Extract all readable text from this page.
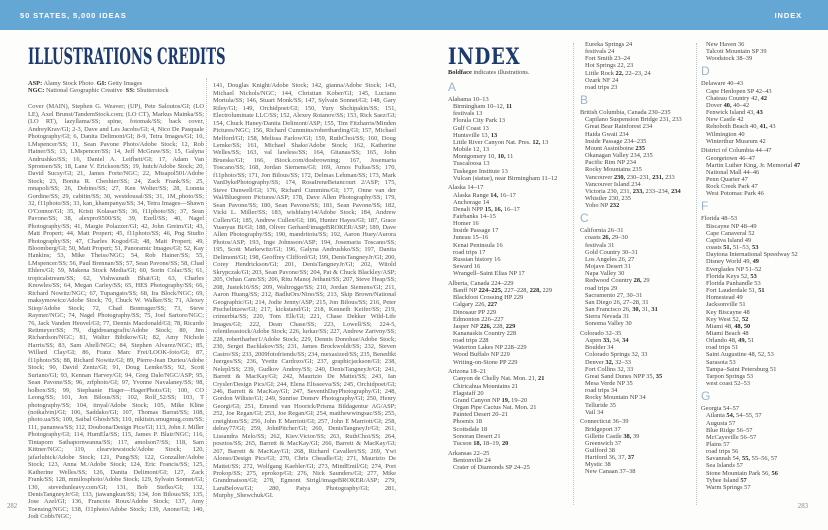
50 STATES, 5,000 IDEAS	INDEX
ILLUSTRATIONS CREDITS
ASP: Alamy Stock Photo  GI: Getty Images
NGC: National Geographic Creative  SS: Shutterstock

Cover (MAIN), Stephen G. Weaver; (UP), Pete Saloutos/GI; (LO LE), Axel Brunst/TandemStock.com; (LO CT), Markus Mainka/SS; (LO RT), lazyllama/SS; spine, fotomak/SS; back cover, AndreyKrav/GI; 2-3, Dave and Les Jacobs/GI; 4, Nico De Pasquale Photography/GI; 6, Danita Delimont/GI; 8-9, Tetra Images/GI; 10, LMspencer/SS; 11, Sean Pavone Photo/Adobe Stock; 12, Rob Hainer/SS; 13, LMspencer/SS; 14, Jeff McGraw/SS; 15, Galyna Andrushko/SS; 16, Daniel A. Leifheit/GI; 17, Adam Van Spronsen/SS; 18, Lane V. Erickson/SS; 19, hutch/Adobe Stock; 20, David Sucsy/GI; 21, James Forte/NGC; 22, Mtsapol501/Adobe Stock; 23, Bonita R. Cheshier/SS; 24, Zack Frank/SS; 25, mnapoli/SS; 26, Dobino/SS; 27, Ken Wolter/SS; 28, Lonnia Gordine/SS; 29, cabitin/SS; 30, westdousal/SS; 31, 1M_photo/SS; 32, f11photo/SS; 33, kan_khampanya/SS; 34, Tetra Images—Shawn O'Connor/GI; 35, Kristi Kolasar/SS; 36, f11photo/SS; 37, Sean Pavone/SS; 38, alexpro9500/SS; 39, Ezell/SS; 40, Nagel Photography/SS; 41, Margie Polazzer/GI; 42, John Greim/GI; 43, Matt Propert; 44, Matt Propert; 45, f11photo/SS; 46, Png Studio Photography/SS; 47, Charles Kogod/GI; 48, Matt Propert; 49, Bloomberg/GI; 50, Matt Propert; 51, Panoramic Images/GI; 52, Kay Hankins; 53, Mike Theiss/NGC; 54, Rob Hainer/SS; 55, LMspencer/SS; 56, Paul Brennan/SS; 57, Sean Pavone/SS; 58, Chad Ehlers/GI; 59, Makena Stock Media/GI; 60, Sorin Colac/SS; 61, tropicalstream/SS; 62, Vishwanath Bhat/GI; 63, Charles Knowles/SS; 64, Megan Carley/SS; 65, HES Photography/SS; 66, Richard Nowitz/NGC; 67, Tupangato/SS; 68, Ira Block/NGC; 69, maksymowicz/Adobe Stock; 70, Chuck W. Walker/SS; 71, Alexey Stiop/Adobe Stock; 72, Chad Bontrager/SS; 73, Steve Raymer/NGC; 74, Nagel Photography/SS; 75, Joel Sartore/NGC; 76, Jack Vanden Heuvel/GI; 77, Dennis Macdonald/GI; 78, Ricardo Reitmeyer/SS; 79, digidreamgrafix/Adobe Stock; 80, Jim Richardson/NGC; 81, Walter Bibikow/GI; 82, Amy Nichole Harris/SS; 83, Sam Abell/NGC; 84, Stephen Alvarez/NGC; 85, Willard Clay/GI; 86, Franz Marc Frei/LOOK-foto/GI; 87, f11photo/SS; 88, Richard Nowitz/GI; 89, Pierre-Jean Durieu/Adobe Stock; 90, David Zentz/GI; 91, Doug Lemke/SS; 92, Scott Suriano/GI; 93, Kennan Harvey/GI; 94, Greg Dale/NGC/ASP; 95, Sean Pavone/SS; 96, zrfphoto/GI; 97, Yvonne Navalaney/SS; 98, holbox/SS; 99, Stephanie Hager—HagerPhoto/GI; 100, CO Leong/SS; 101, Jon Bilous/SS; 102, Rolf_52/SS; 103, T photography/SS; 104, tinyal/Adobe Stock; 105, Mike Kline (notkalvin)/GI; 106, Saddako/GI; 107, Thomas Barrat/SS; 108, photo.ua/SS; 109, Saibal Ghosh/SS; 110, nikitsin.smugmug.com/SS; 111, pananwa/SS; 112, Doubona/Design Pics/GI; 113, John J. Miller Photography/GI; 114, HumEla/SS; 115, James P. Blair/NGC; 116, Tintaporn Sathapornwanna/SS; 117, amolson7/SS; 118, Sam Kittner/NGC; 119, clearviewstock/Adobe Stock; 120, jafarlubick/Adobe Stock; 121, Pung/SS; 122, Gonzaller/Adobe Stock; 123, Anna M./Adobe Stock; 124, Eric Francis/SS; 125, Katherine Welles/SS; 126, Danita Delimont/GI; 127, Zack Frank/SS; 128, mmilosphoto/Adobe Stock; 129, Sylvain Sonnet/GI; 130, stevedunleavy.com/GI; 131, Bob Stefko/GI; 132, DenisTangneyJr/GI; 133, jiawangkun/SS; 134, Jon Bilous/SS; 135, Jose Azel/GI; 136, Francois Roux/Adobe Stock; 137, Amy Toensing/NGC; 138, f11photo/Adobe Stock; 139, Anone/GI; 140, Jodi Cobb/NGC;

141, Douglas Knight/Adobe Stock; 142, gianna/Adobe Stock; 143, Michael Nichols/NGC; 144, Christian Kober/GI; 145, Luciano Mortula/SS; 146, Stuart Monk/SS; 147, Sylvain Sonnet/GI; 148, Gary Riley/GI; 149, Orchidpoet/GI; 150, Yury Shchipakin/SS; 151, Electroluminate LLC/SS; 152, Alexey Rotanov/SS; 153, Rick Saez/GI; 154, Chuck Haney/Danita Delimont/ASP; 155, Tim Fitzharris/Minden Pictures/NGC; 156, Richard Cummins/robertharding/GI; 157, Michael Melford/GI; 158, Melissa Farlow/GI; 159, RuthChoi/SS; 160, Doug Lemke/SS; 161, Michael Shake/Adobe Stock; 162, Katherine Welles/SS; 163, val lawless/SS; 164, Gitanas/SS; 165, John Brueske/GI; 166, iStock.com/dosbrowning; 167, Josemaria Toscano/SS; 168, Jordan Siemens/GI; 169, Amos Fultas/SS; 170, f11photo/SS; 171, Jon Bilous/SS; 172, Delmas Lehman/SS; 173, Mark VanDykePhotography/SS; 174, RosaIreneBetancourt 2/ASP; 175, Steve Dunwell/GI; 176, Richard Cummins/GI; 177, Onne van der Wal/Bluegreen Pictures/ASP; 178, Dave Allen Photography/SS; 179, Sean Pavone/SS; 180, Sean Pavone/SS; 181, Sean Pavone/SS; 182, Vicki L. Miller/SS; 183, wishfairy14/Adobe Stock; 184, Andrew Cullen/GI; 185, Andrew Cullen/GI; 186, Hunter Hayes/GI; 187, Grace Yuanyue Bi/GI; 188, Oliver Gerhard/imageBROKER/ASP; 189, Dave Allen Photography/SS; 190, mandritoiu/SS; 192, Aaron Huey/Aurora Photos/ASP; 193, Inge Johnsson/ASP; 194, Josemaria Toscano/SS; 195, Scott Markewitz/GI; 196, Galyna Andrushko/SS; 197, Danita Delimont/GI; 198, Geoffrey Clifford/GI; 199, DenisTangneyJr/GI; 200, Corey Hendrickson/GI; 201, DenisTangneyJr/GI; 202, Witold Skrypczak/GI; 203, Sean Pavone/SS; 204, Pat & Chuck Blackley/ASP; 205, Orhan Cam/SS; 206, Ritu Manoj Jethani/SS; 207, Steve Heap/SS; 208, Justek16/SS; 209, Waltrogge/SS; 210, Jordan Siemens/GI; 211, Aaron Huang/SS; 212, BadluOrs/Nino/SS; 213, Skip Brown/National Geographic/GI; 214, Jodie Jenny/ASP; 215, Jon Bilous/SS; 216, Peter Ptschelinzew/GI; 217, kickstand/GI; 218, Kenneth Keifer/SS; 219, crimerbia/SS; 220, Tom Elk/GI; 221, Chase Dekker Wild-Life Images/GI; 222, Dean Chase/SS; 223, Lowell/SS; 224-5, relentlessstock/Adobe Stock; 226, lurkar/SS; 227, Andrew Zarivny/SS; 228, robertharber1/Adobe Stock; 229, Dennis Donohue/Adobe Stock; 230, Sergei Bachlakov/SS; 231, James Brockwoldt/SS; 232, Steven Castro/SS; 233, 2009fotofriends/SS; 234, mexasized/SS; 235, Benedikt Juerges/SS; 236, Yvette Cardozo/GI; 237, graphicjackson/GI; 238, Nelepl/SS; 239, Gudkov Andrey/SS; 240, DenisTangneyJr/GI; 241, Barrett & MacKay/GI; 242, Maurizio De Mattei/SS; 243, Ian Crysler/Design Pics/GI; 244, Elena Elisseeva/SS; 245, Orchidpoet/GI; 246, Barrett & MacKay/GI; 247, SeventhDayPhotography/GI; 248, Gordon Wiltsie/GI; 249, Sunrise Donsrv Photography/GI; 250, Henry Georgi/GI; 251, Emond van Hoorick/Prisma Bildagentur AG/ASP; 252, Joe Regan/GI; 253, Joe Regan/GI; 254, matthewwingsac/SS; 255, cneighton/SS; 256, John E Marriott/GI; 257, John E Marriott/GI; 258, delray77/GI; 259, JohnPitcher/GI; 260, DenisTangneyJr/GI; 261, Lissandra Melo/SS; 262, Kiev.Victor/SS; 263, RuthChoi/SS; 264, posztos/SS; 265, Barrett & MacKay/GI; 266, Barrett & MacKay/GI; 267, Barrett & MacKay/GI; 268, Richard Cavalleri/SS; 269, Ywi Alonso/Design Pics/GI; 270, Chris Cheadle/GI; 271, Maurizio De Mattei/SS; 272, Wolfgang Kaehler/GI; 273, MindEmil/GI; 274, Port Prokop/SS; 275, eprokop/GI; 276, Nick Saunders/GI; 277, Mike Grandmaison/GI; 278, Egmont Strigl/imageBROKER/ASP; 279, LaraBelova/GI; 280, Patya Photography/GI; 281, Murphy_Shewchuk/GI.

282
INDEX
Boldface indicates illustrations.
A
Alabama 10–13
Birmingham 10–12, 11
festivals 13
Florala City Park 13
Gulf Coast 13
Huntsville 13, 13
Little River Canyon Nat. Pres. 12, 13
Mobile 12, 13
Montgomery 10, 10, 11
Tuscaloosa 13
Tuskegee Institute 13
Vulcan (statue), near Birmingham 11–12
Alaska 14–17
Alaska Range 14, 16–17
Anchorage 14
Denali NPP 15, 16, 16–17
Fairbanks 14–15
Homer 16
Inside Passage 17
Juneau 15–16
Kenai Peninsula 16
road trips 17
Russian history 16
Seward 16
Wrangell–Saint Elias NP 17
Alberta, Canada 224–229
Banff NP 224–225, 227–228, 228, 229
Blackfoot Crossing HP 229
Calgary 226, 227
Dinosaur PP 229
Edmonton 226–227
Jasper NP 226, 228, 229
Kananaskis Country 228
road trips 228
Waterton Lakes NP 228–229
Wood Buffalo NP 229
Writing-on-Stone PP 229
Arizona 18–21
Canyon de Chelly Nat. Mon. 21, 21
Chiricahua Mountains 21
Flagstaff 20
Grand Canyon NP 19, 19–20
Organ Pipe Cactus Nat. Mon. 21
Painted Desert 20–21
Phoenix 18
Scottsdale 18
Sonoran Desert 21
Tucson 18, 18–19, 20
Arkansas 22–25
Bentonville 24
Crater of Diamonds SP 24–25
Eureka Springs 24
festivals 24
Fort Smith 23–24
Hot Springs 22, 23
Little Rock 22, 22–23, 24
Ozark NF 24
road trips 23
B
British Columbia, Canada 230–235
Capilano Suspension Bridge 231, 233
Great Bear Rainforest 234
Haida Gwaii 234
Inside Passage 234–235
Mount Assiniboine 235
Okanagan Valley 234, 235
Pacific Rim NP 234
Rocky Mountains 235
Vancouver 230, 230–231, 231, 233
Vancouver Island 234
Victoria 230, 231, 233, 233–234, 234
Whistler 230, 235
Yoho NP 232
C
California 26–31
coasts 26, 29–30
festivals 31
Gold Country 30–31
Los Angeles 26, 27
Mojave Desert 31
Napa Valley 30
Redwood Country 28, 29
road trips 29
Sacramento 27, 30–31
San Diego 26, 27–28, 31
San Francisco 26, 30, 31, 31
Sierra Nevada 31
Sonoma Valley 30
Colorado 32–35
Aspen 33, 34, 34
Boulder 34
Colorado Springs 32, 33
Denver 32, 32–33
Fort Collins 32, 33
Great Sand Dunes NPP 35, 35
Mesa Verde NP 35
road trips 34
Rocky Mountain NP 34
Telluride 35
Vail 34
Connecticut 36–39
Bridgeport 37
Gillette Castle 38, 39
Greenwich 37
Guilford 38
Hartford 36, 37, 37
Mystic 38
New Canaan 37–38
New Haven 36
Talcott Mountain SP 39
Woodstock 38–39
D
Delaware 40–43
Cape Henlopen SP 42–43
Chateau Country 42, 42
Dover 40, 40–42
Fenwick Island 43, 43
New Castle 42
Rehoboth Beach 40, 41, 43
Wilmington 40
Winterthur Museum 42
District of Columbia 44–47
Georgetown 46–47
Martin Luther King, Jr. Memorial 47
National Mall 44–46
Penn Quarter 47
Rock Creek Park 47
West Potomac Park 46
F
Florida 48–53
Biscayne NP 48–49
Cape Canaveral 52
Captiva Island 49
coasts 51, 51–53, 53
Daytona International Speedway 52
Disney World 49, 49
Everglades NP 51–52
Florida Keys 52, 53
Florida Panhandle 53
Fort Lauderdale 51, 51
Homestead 49
Jacksonville 51
Key Biscayne 48
Key West 52, 52
Miami 48, 48, 50
Miami Beach 48
Orlando 48, 49, 51
road trips 51
Saint Augustine 48, 52, 53
Sarasota 53
Tampa–Saint Petersburg 51
Tarpon Springs 53
west coast 52–53
G
Georgia 54–57
Atlanta 54, 54–55, 57
Augusta 57
Blue Ridge 56–57
McCaysville 56–57
Plains 57
road trips 56
Savannah 54, 55, 55–56, 57
Sea Islands 57
Stone Mountain Park 56, 56
Tybee Island 57
Warm Springs 57
283
